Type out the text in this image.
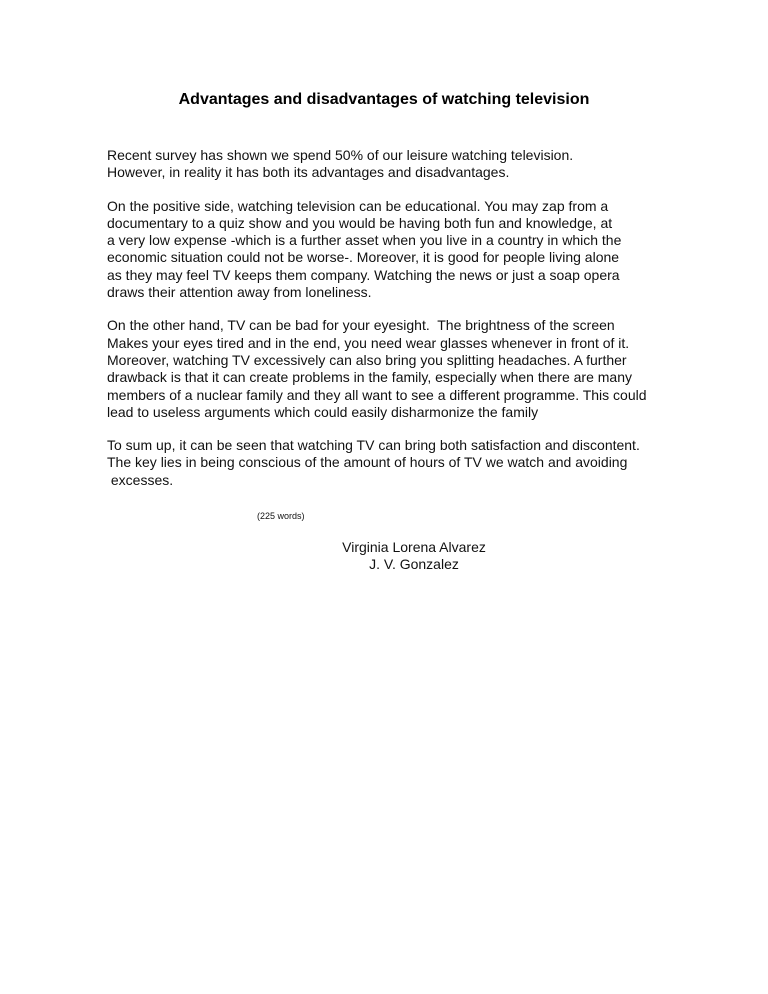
Advantages and disadvantages of watching television

Recent survey has shown we spend 50% of our leisure watching television.
However, in reality it has both its advantages and disadvantages.

On the positive side, watching television can be educational. You may zap from a
documentary to a quiz show and you would be having both fun and knowledge, at
a very low expense -which is a further asset when you live in a country in which the
economic situation could not be worse-. Moreover, it is good for people living alone
as they may feel TV keeps them company. Watching the news or just a soap opera
draws their attention away from loneliness.

On the other hand, TV can be bad for your eyesight.  The brightness of the screen
Makes your eyes tired and in the end, you need wear glasses whenever in front of it.
Moreover, watching TV excessively can also bring you splitting headaches. A further
drawback is that it can create problems in the family, especially when there are many
members of a nuclear family and they all want to see a different programme. This could
lead to useless arguments which could easily disharmonize the family

To sum up, it can be seen that watching TV can bring both satisfaction and discontent.
The key lies in being conscious of the amount of hours of TV we watch and avoiding
excesses.

(225 words)
Virginia Lorena Alvarez
J. V. Gonzalez
